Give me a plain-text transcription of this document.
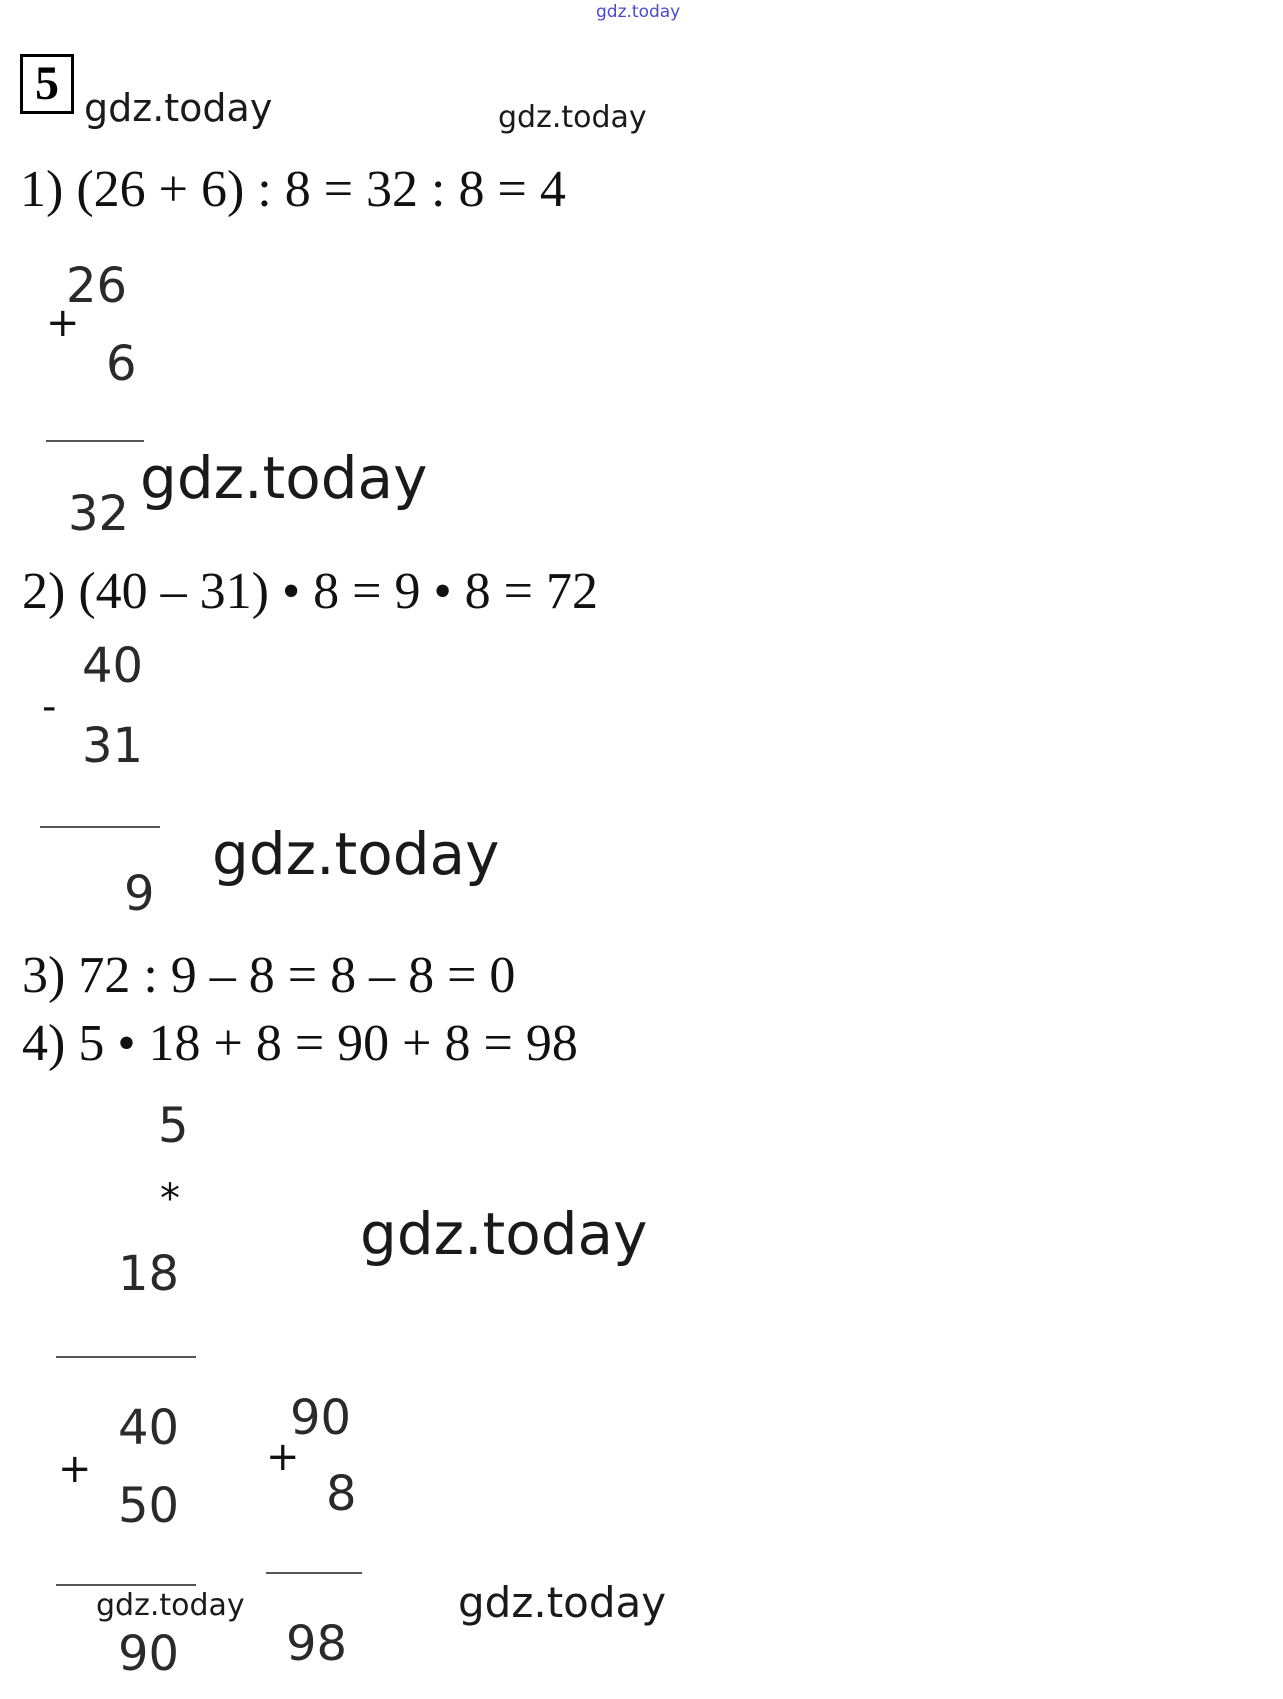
gdz.today
5 gdz.today	gdz.today
gdz.today
gdz.today
gdz.today
gdz.today	gdz.today
1) (26 + 6) : 8 = 32 : 8 = 4
26
+
6
32
2) (40 – 31) • 8 = 9 • 8 = 72
40
-
31
9
3) 72 : 9 – 8 = 8 – 8 = 0
4) 5 • 18 + 8 = 90 + 8 = 98
5
*
18
40
+
50
90
90
+
8
98
